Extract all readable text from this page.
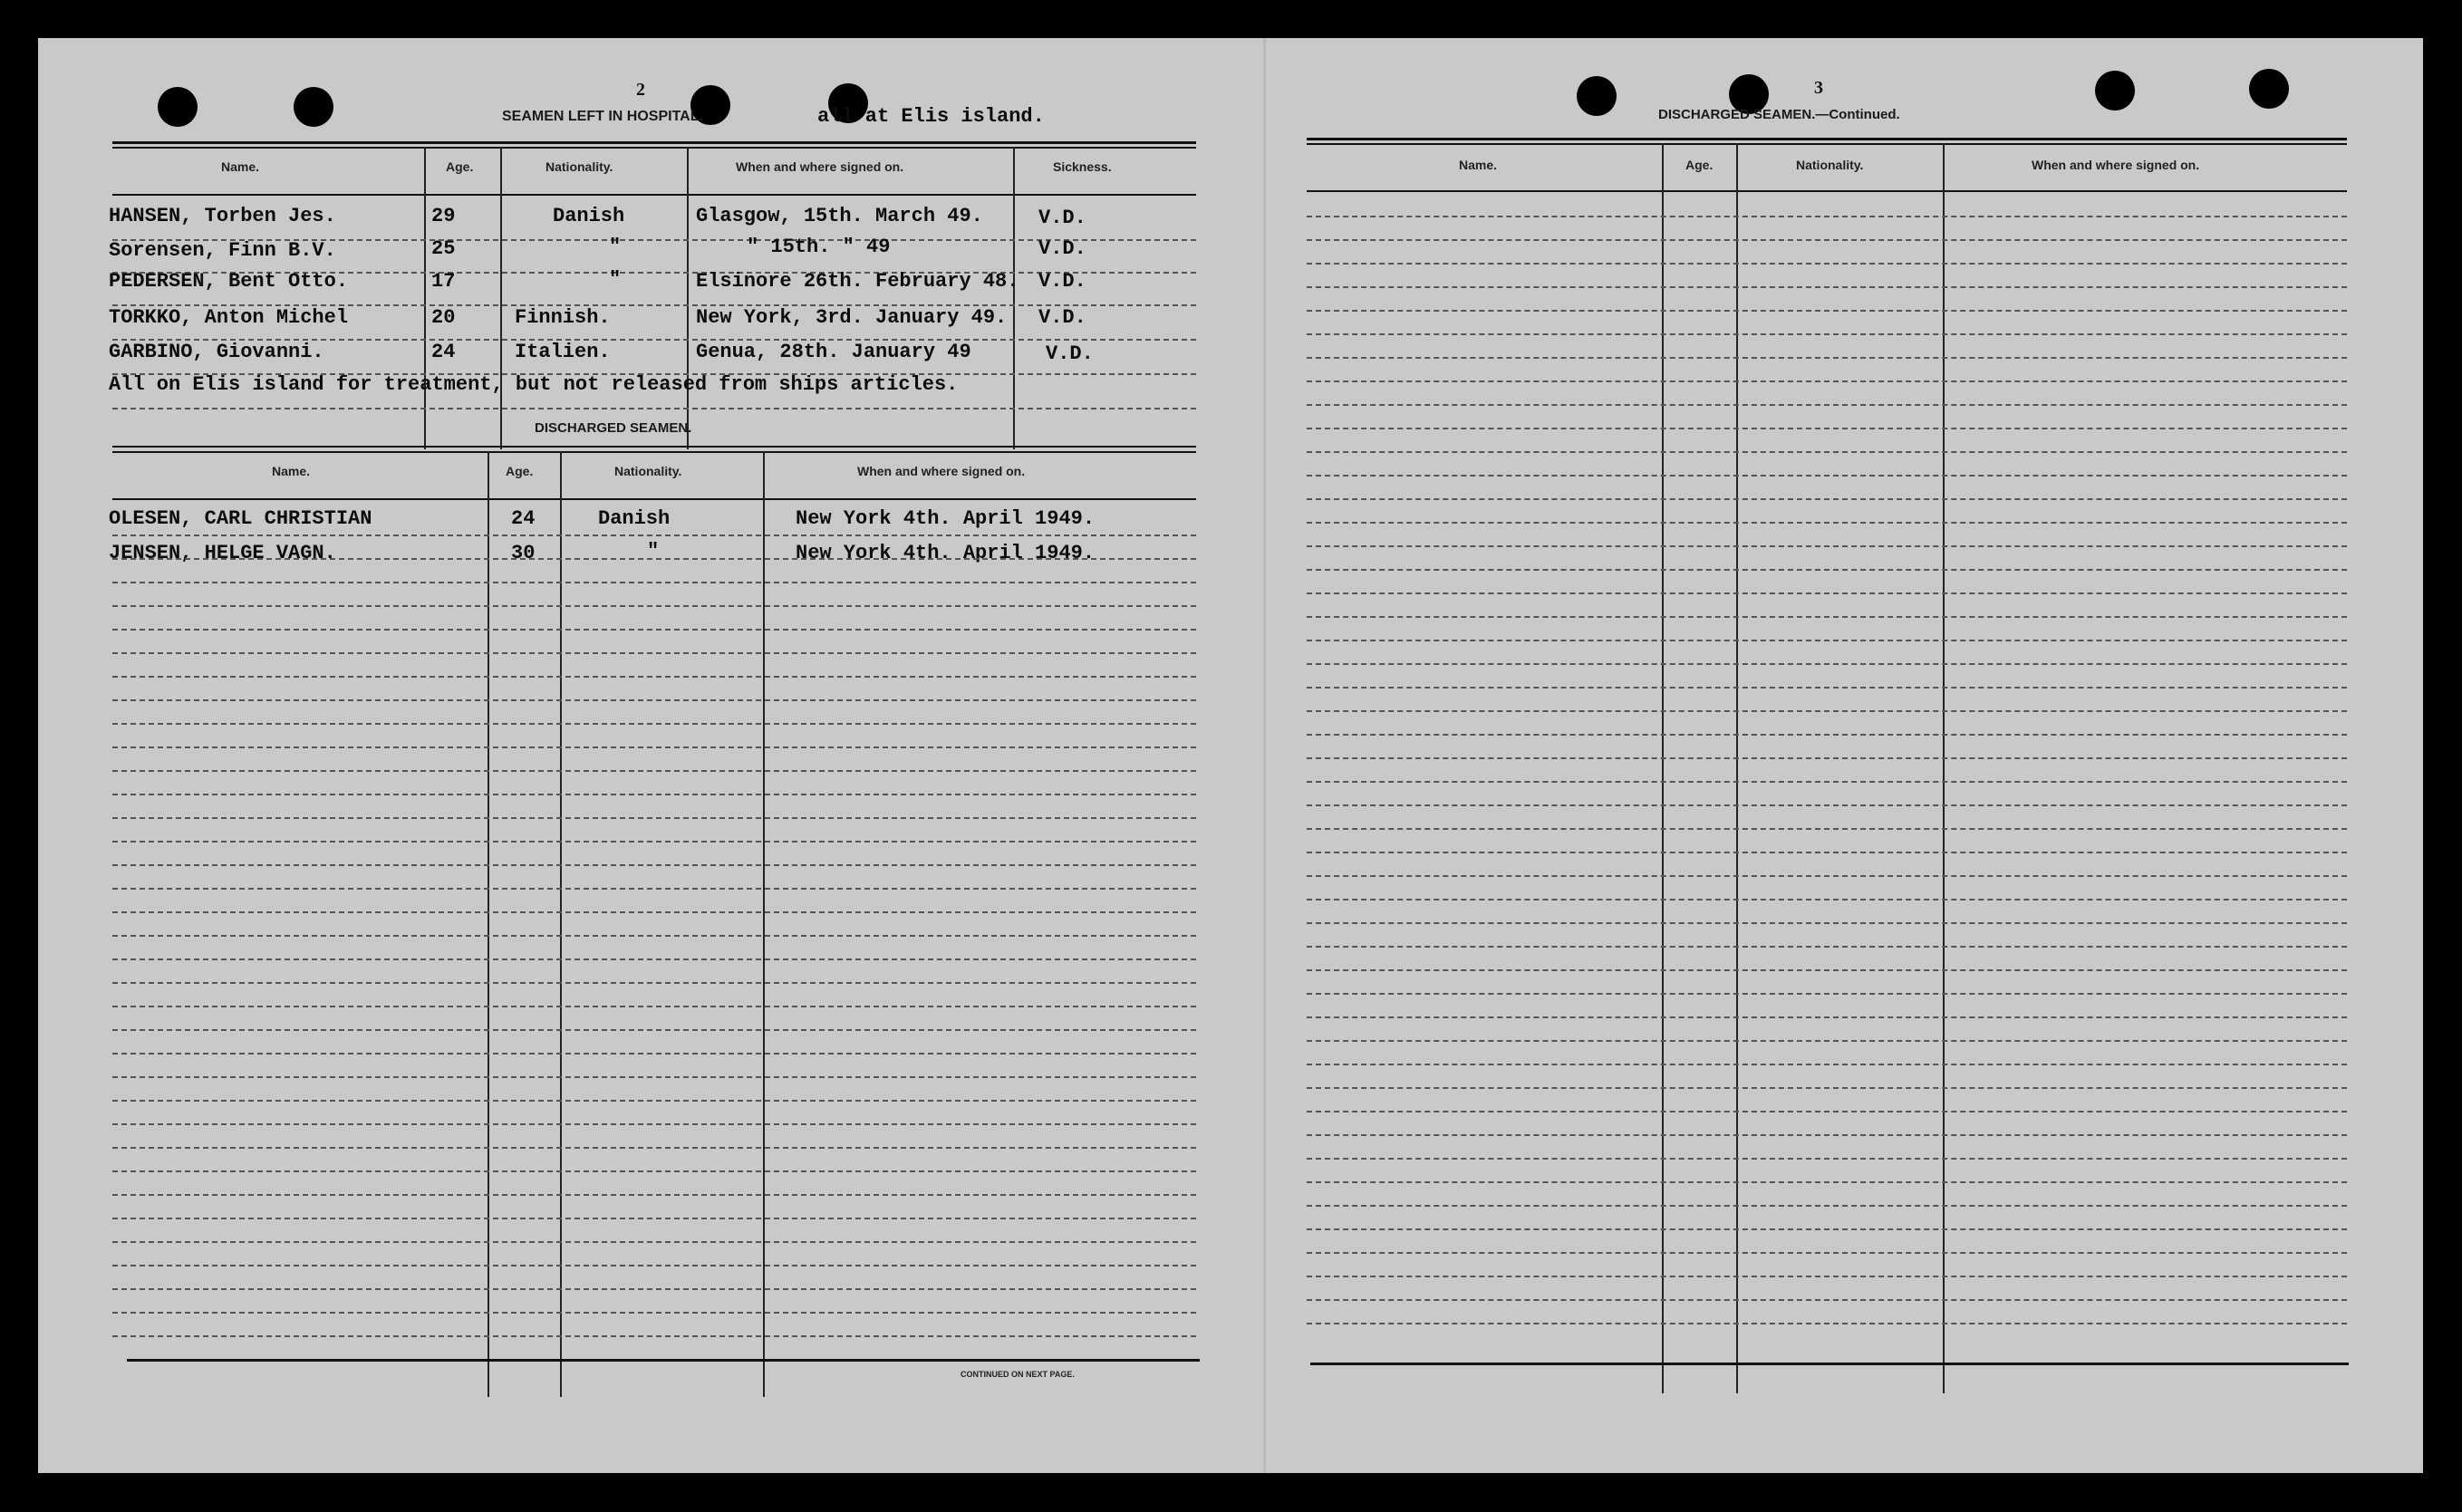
2
SEAMEN LEFT IN HOSPITAL.	all at Elis island.
Name.	Age.	Nationality.	When and where signed on.	Sickness.
HANSEN, Torben Jes.	29	Danish	Glasgow, 15th. March 49.	V.D.
Sorensen, Finn B.V.	25	"	" 15th. " 49	V.D.
PEDERSEN, Bent Otto.	17	"	Elsinore 26th. February 48. V.D.
TORKKO, Anton Michel	20	Finnish.	New York, 3rd. January 49. V.D.
GARBINO, Giovanni.	24	Italien.	Genua, 28th. January 49	V.D.
All on Elis island for treatment, but not released from ships articles.
DISCHARGED SEAMEN.
Name.	Age.	Nationality.	When and where signed on.
OLESEN, CARL CHRISTIAN	24	Danish	New York 4th. April 1949.
JENSEN, HELGE VAGN.	30	"	New York 4th. April 1949.
CONTINUED ON NEXT PAGE.
3
DISCHARGED SEAMEN.—Continued.
Name.	Age.	Nationality.	When and where signed on.
